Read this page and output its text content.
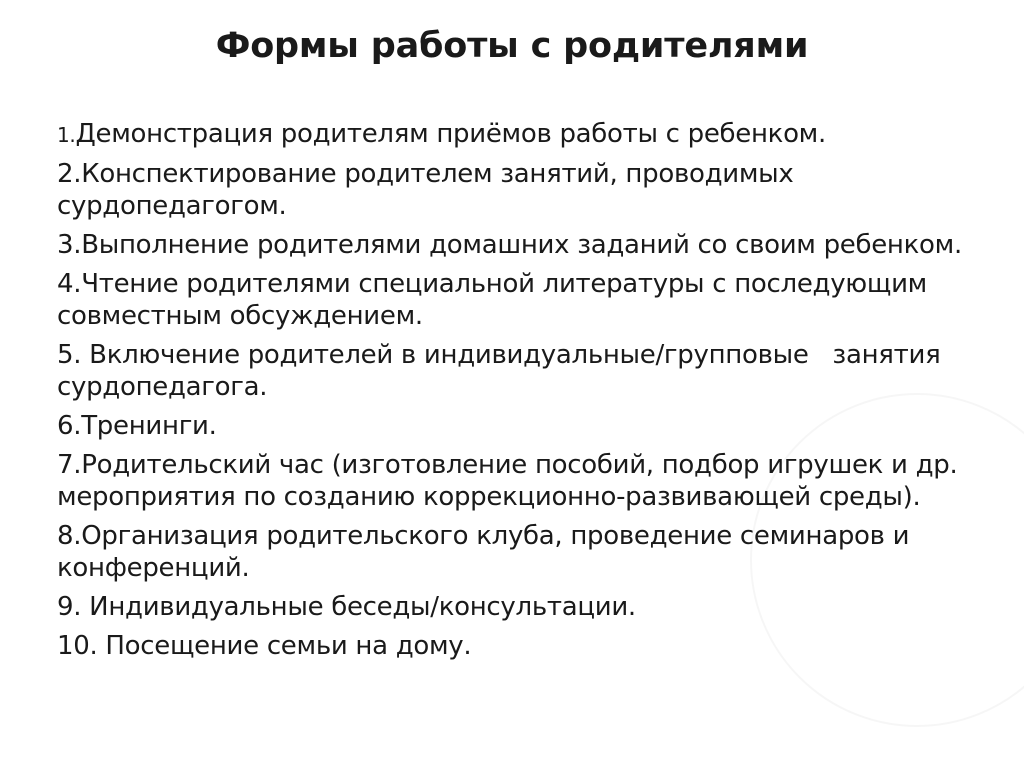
Формы работы с родителями
1.Демонстрация родителям приёмов работы с ребенком.
2.Конспектирование родителем занятий, проводимых сурдопедагогом.
3.Выполнение родителями домашних заданий со своим ребенком.
4.Чтение родителями специальной литературы с последующим совместным обсуждением.
5. Включение родителей в индивидуальные/групповые   занятия сурдопедагога.
6.Тренинги.
7.Родительский час (изготовление пособий, подбор игрушек и др. мероприятия по созданию коррекционно-развивающей среды).
8.Организация родительского клуба, проведение семинаров и конференций.
9. Индивидуальные беседы/консультации.
10. Посещение семьи на дому.
